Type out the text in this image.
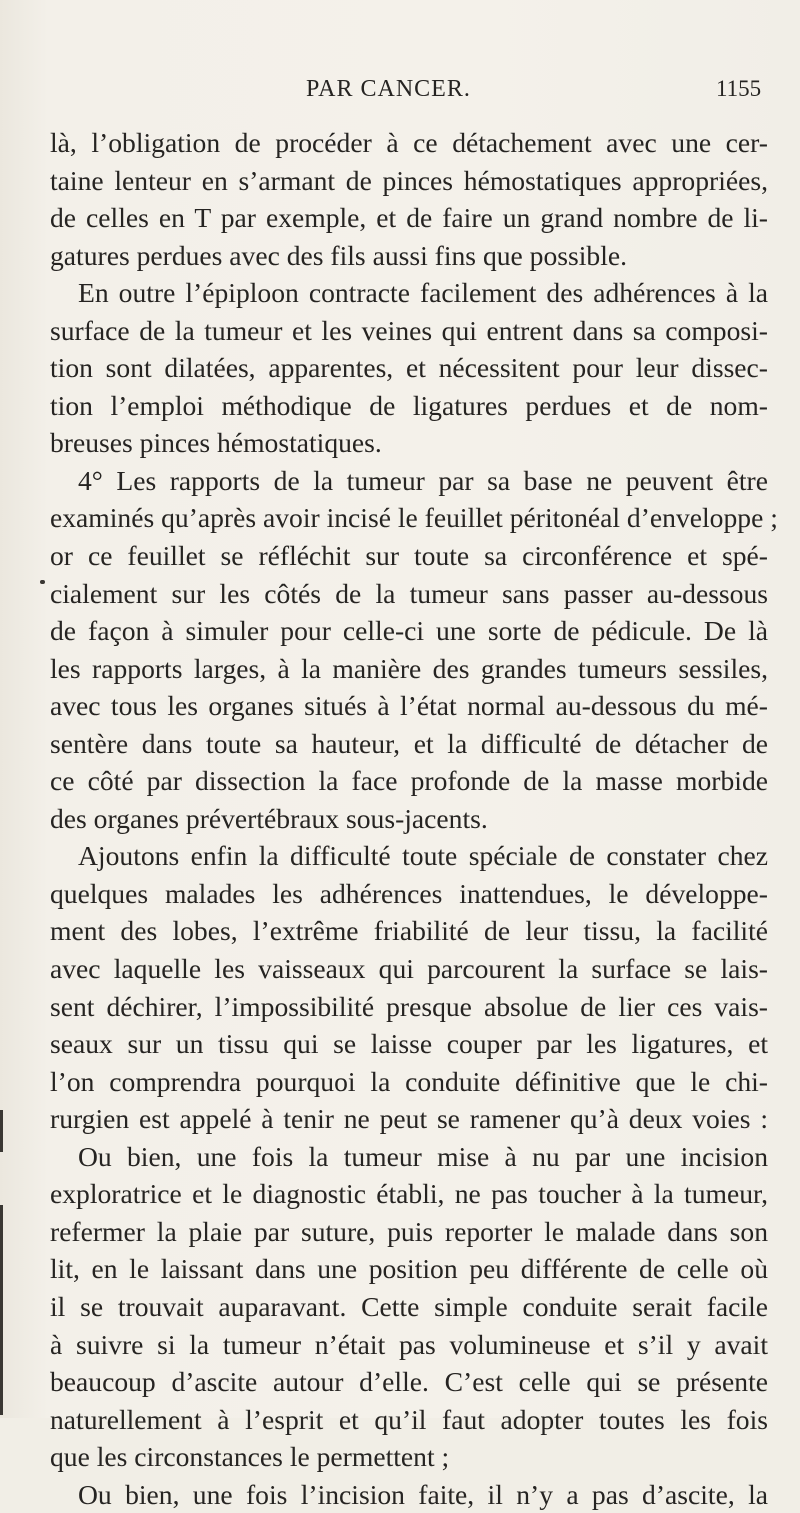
PAR CANCER.	1155
là, l’obligation de procéder à ce détachement avec une cer-
taine lenteur en s’armant de pinces hémostatiques appropriées,
de celles en T par exemple, et de faire un grand nombre de li-
gatures perdues avec des fils aussi fins que possible.
En outre l’épiploon contracte facilement des adhérences à la
surface de la tumeur et les veines qui entrent dans sa composi-
tion sont dilatées, apparentes, et nécessitent pour leur dissec-
tion l’emploi méthodique de ligatures perdues et de nom-
breuses pinces hémostatiques.
4° Les rapports de la tumeur par sa base ne peuvent être
examinés qu’après avoir incisé le feuillet péritonéal d’enveloppe ;
or ce feuillet se réfléchit sur toute sa circonférence et spé-
cialement sur les côtés de la tumeur sans passer au-dessous
de façon à simuler pour celle-ci une sorte de pédicule. De là
les rapports larges, à la manière des grandes tumeurs sessiles,
avec tous les organes situés à l’état normal au-dessous du mé-
sentère dans toute sa hauteur, et la difficulté de détacher de
ce côté par dissection la face profonde de la masse morbide
des organes prévertébraux sous-jacents.
Ajoutons enfin la difficulté toute spéciale de constater chez
quelques malades les adhérences inattendues, le développe-
ment des lobes, l’extrême friabilité de leur tissu, la facilité
avec laquelle les vaisseaux qui parcourent la surface se lais-
sent déchirer, l’impossibilité presque absolue de lier ces vais-
seaux sur un tissu qui se laisse couper par les ligatures, et
l’on comprendra pourquoi la conduite définitive que le chi-
rurgien est appelé à tenir ne peut se ramener qu’à deux voies :
Ou bien, une fois la tumeur mise à nu par une incision
exploratrice et le diagnostic établi, ne pas toucher à la tumeur,
refermer la plaie par suture, puis reporter le malade dans son
lit, en le laissant dans une position peu différente de celle où
il se trouvait auparavant. Cette simple conduite serait facile
à suivre si la tumeur n’était pas volumineuse et s’il y avait
beaucoup d’ascite autour d’elle. C’est celle qui se présente
naturellement à l’esprit et qu’il faut adopter toutes les fois
que les circonstances le permettent ;
Ou bien, une fois l’incision faite, il n’y a pas d’ascite, la
